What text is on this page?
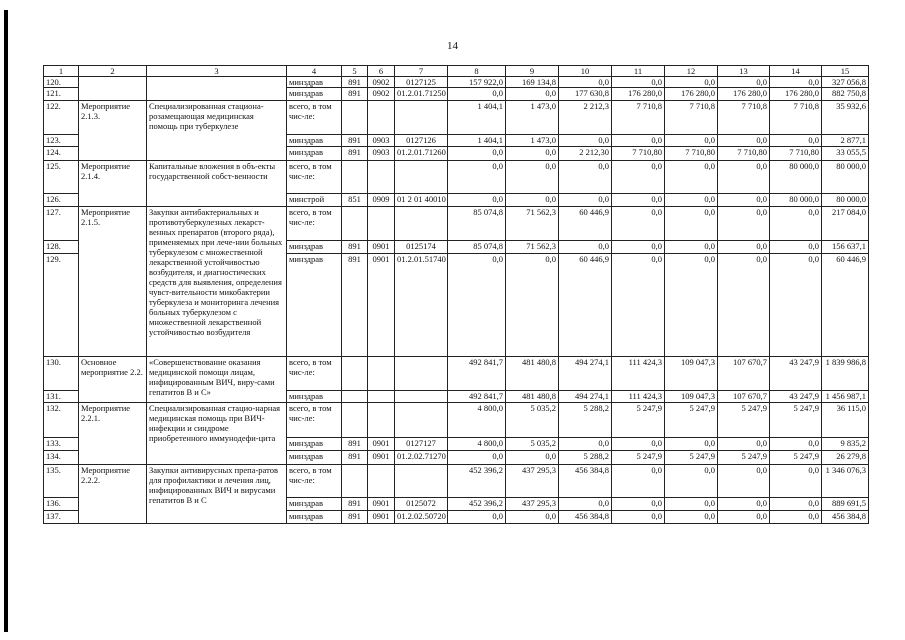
14
1	2	3	4	5	6	7	8	9	10	11	12	13	14	15
120.			минздрав	891	0902	0127125	157 922,0	169 134,8	0,0	0,0	0,0	0,0	0,0	327 056,8
121.			минздрав	891	0902	01.2.01.71250	0,0	0,0	177 630,8	176 280,0	176 280,0	176 280,0	176 280,0	882 750,8
122.	Мероприятие 2.1.3.	Специализированная стациона-розамещающая медицинская помощь при туберкулезе	всего, в том чис-ле:				1 404,1	1 473,0	2 212,3	7 710,8	7 710,8	7 710,8	7 710,8	35 932,6
123.			минздрав	891	0903	0127126	1 404,1	1 473,0	0,0	0,0	0,0	0,0	0,0	2 877,1
124.			минздрав	891	0903	01.2.01.71260	0,0	0,0	2 212,30	7 710,80	7 710,80	7 710,80	7 710,80	33 055,5
125.	Мероприятие 2.1.4.	Капитальные вложения в объ-екты государственной собст-венности	всего, в том чис-ле:				0,0	0,0	0,0	0,0	0,0	0,0	80 000,0	80 000,0
126.			минстрой	851	0909	01 2 01 40010	0,0	0,0	0,0	0,0	0,0	0,0	80 000,0	80 000,0
127.	Мероприятие 2.1.5.	Закупки антибактериальных и противотуберкулезных лекарст-венных препаратов (второго ряда), применяемых при лече-нии больных туберкулезом с множественной лекарственной устойчивостью возбудителя, и диагностических средств для выявления, определения чувст-вительности микобактерии туберкулеза и мониторинга лечения больных туберкулезом с множественной лекарственной устойчивостью возбудителя	всего, в том чис-ле:				85 074,8	71 562,3	60 446,9	0,0	0,0	0,0	0,0	217 084,0
128.			минздрав	891	0901	0125174	85 074,8	71 562,3	0,0	0,0	0,0	0,0	0,0	156 637,1
129.			минздрав	891	0901	01.2.01.51740	0,0	0,0	60 446,9	0,0	0,0	0,0	0,0	60 446,9
130.	Основное мероприятие 2.2.	«Совершенствование оказания медицинской помощи лицам, инфицированным ВИЧ, виру-сами гепатитов В и С»	всего, в том чис-ле:				492 841,7	481 480,8	494 274,1	111 424,3	109 047,3	107 670,7	43 247,9	1 839 986,8
131.			минздрав				492 841,7	481 480,8	494 274,1	111 424,3	109 047,3	107 670,7	43 247,9	1 456 987,1
132.	Мероприятие 2.2.1.	Специализированная стацио-нарная медицинская помощь при ВИЧ-инфекции и синдроме приобретенного иммунодефи-цита	всего, в том чис-ле:				4 800,0	5 035,2	5 288,2	5 247,9	5 247,9	5 247,9	5 247,9	36 115,0
133.			минздрав	891	0901	0127127	4 800,0	5 035,2	0,0	0,0	0,0	0,0	0,0	9 835,2
134.			минздрав	891	0901	01.2.02.71270	0,0	0,0	5 288,2	5 247,9	5 247,9	5 247,9	5 247,9	26 279,8
135.	Мероприятие 2.2.2.	Закупки антивирусных препа-ратов для профилактики и лечения лиц, инфицированных ВИЧ и вирусами гепатитов В и С	всего, в том чис-ле:				452 396,2	437 295,3	456 384,8	0,0	0,0	0,0	0,0	1 346 076,3
136.			минздрав	891	0901	0125072	452 396,2	437 295,3	0,0	0,0	0,0	0,0	0,0	889 691,5
137.			минздрав	891	0901	01.2.02.50720	0,0	0,0	456 384,8	0,0	0,0	0,0	0,0	456 384,8
